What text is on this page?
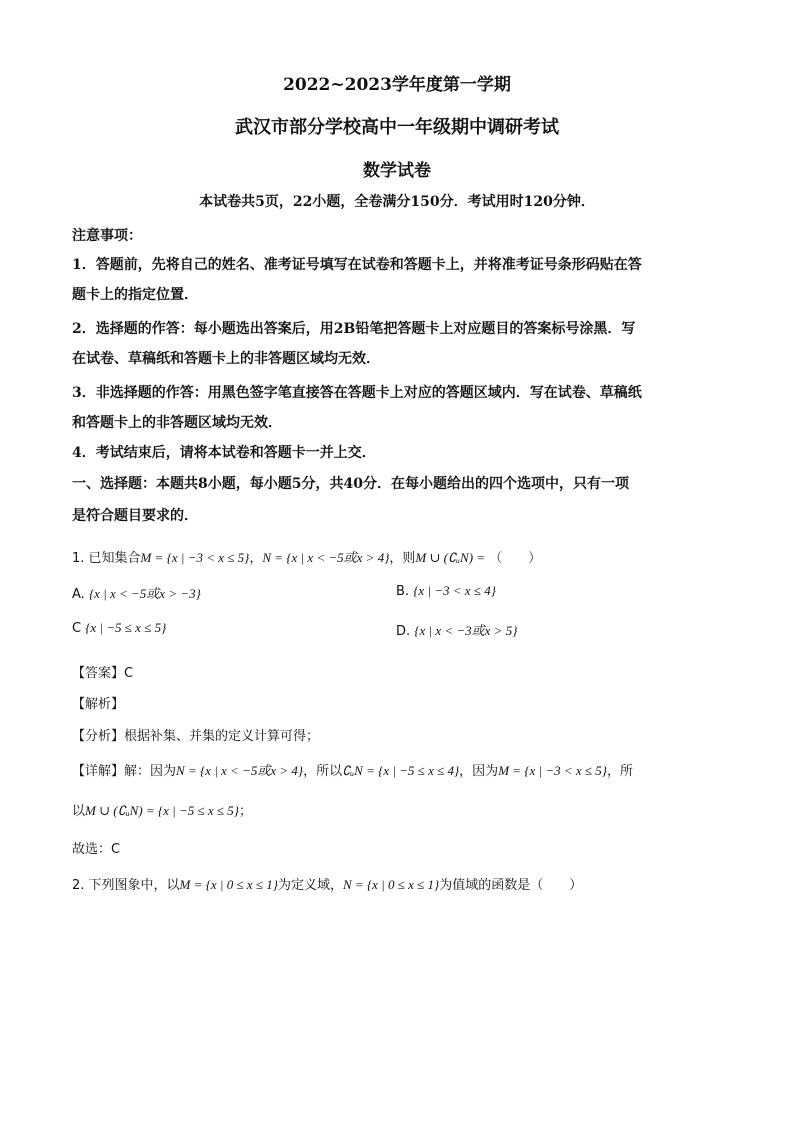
2022~2023学年度第一学期
武汉市部分学校高中一年级期中调研考试
数学试卷
本试卷共5页，22小题，全卷满分150分．考试用时120分钟．
注意事项：
1．答题前，先将自己的姓名、准考证号填写在试卷和答题卡上，并将准考证号条形码贴在答
题卡上的指定位置．
2．选择题的作答：每小题选出答案后，用2B铅笔把答题卡上对应题目的答案标号涂黑．写
在试卷、草稿纸和答题卡上的非答题区域均无效．
3．非选择题的作答：用黑色签字笔直接答在答题卡上对应的答题区域内．写在试卷、草稿纸
和答题卡上的非答题区域均无效．
4．考试结束后，请将本试卷和答题卡一并上交．
一、选择题：本题共8小题，每小题5分，共40分．在每小题给出的四个选项中，只有一项
是符合题目要求的．
1. 已知集合M = {x | −3 < x ≤ 5}，N = {x | x < −5或x > 4}，则M ∪ (∁ᵤN) = （　　）
A. {x | x < −5或x > −3}	B. {x | −3 < x ≤ 4}
C {x | −5 ≤ x ≤ 5}	D. {x | x < −3或x > 5}
【答案】C
【解析】
【分析】根据补集、并集的定义计算可得；
【详解】解：因为N = {x | x < −5或x > 4}，所以∁ᵤN = {x | −5 ≤ x ≤ 4}，因为M = {x | −3 < x ≤ 5}，所
以M ∪ (∁ᵤN) = {x | −5 ≤ x ≤ 5}；
故选：C
2. 下列图象中，以M = {x | 0 ≤ x ≤ 1}为定义域，N = {x | 0 ≤ x ≤ 1}为值域的函数是（　　）
